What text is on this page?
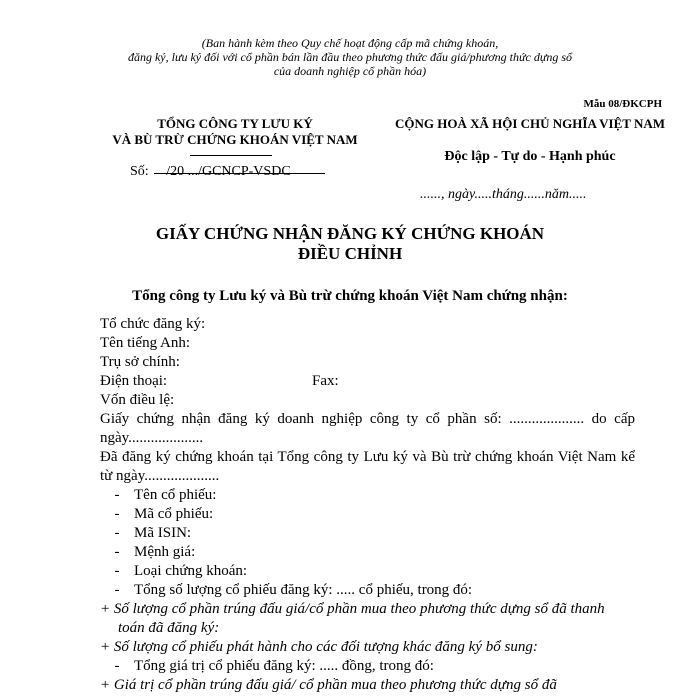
(Ban hành kèm theo Quy chế hoạt động cấp mã chứng khoán,
đăng ký, lưu ký đối với cổ phần bán lần đầu theo phương thức đấu giá/phương thức dựng sổ
của doanh nghiệp cổ phần hóa)
Mẫu 08/ĐKCPH
TỔNG CÔNG TY LƯU KÝ
VÀ BÙ TRỪ CHỨNG KHOÁN VIỆT NAM
CỘNG HOÀ XÃ HỘI CHỦ NGHĨA VIỆT NAM
Độc lập - Tự do - Hạnh phúc
Số: /20 .../GCNCP-VSDC
......, ngày.....tháng......năm.....
GIẤY CHỨNG NHẬN ĐĂNG KÝ CHỨNG KHOÁN
ĐIỀU CHỈNH
Tổng công ty Lưu ký và Bù trừ chứng khoán Việt Nam chứng nhận:

Tổ chức đăng ký:

Tên tiếng Anh:

Trụ sở chính:

Điện thoại:	Fax:

Vốn điều lệ:

Giấy chứng nhận đăng ký doanh nghiệp công ty cổ phần số: .................... do cấp ngày....................

Đã đăng ký chứng khoán tại Tổng công ty Lưu ký và Bù trừ chứng khoán Việt Nam kể từ ngày....................

- Tên cổ phiếu:
- Mã cổ phiếu:
- Mã ISIN:
- Mệnh giá:
- Loại chứng khoán:
- Tổng số lượng cổ phiếu đăng ký: ..... cổ phiếu, trong đó:

+ Số lượng cổ phần trúng đấu giá/cổ phần mua theo phương thức dựng sổ đã thanh toán đã đăng ký:

+ Số lượng cổ phiếu phát hành cho các đối tượng khác đăng ký bổ sung:

- Tổng giá trị cổ phiếu đăng ký: ..... đồng, trong đó:

+ Giá trị cổ phần trúng đấu giá/ cổ phần mua theo phương thức dựng sổ đã
